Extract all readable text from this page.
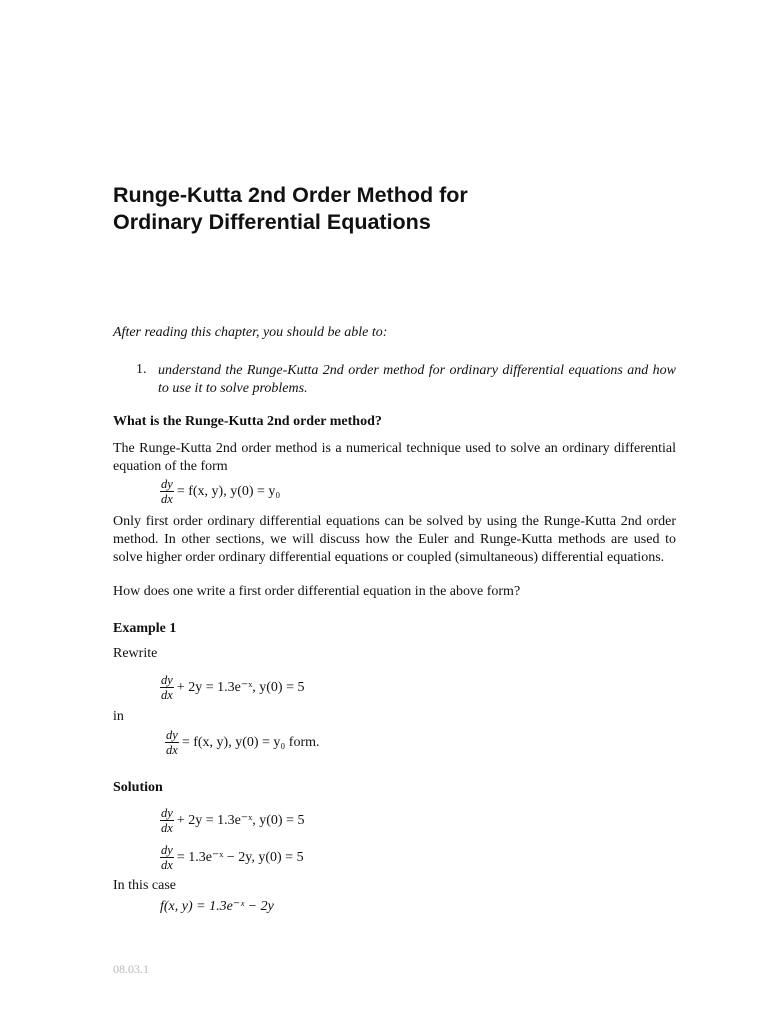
Runge-Kutta 2nd Order Method for
Ordinary Differential Equations
After reading this chapter, you should be able to:
1. understand the Runge-Kutta 2nd order method for ordinary differential equations and how to use it to solve problems.
What is the Runge-Kutta 2nd order method?
The Runge-Kutta 2nd order method is a numerical technique used to solve an ordinary differential equation of the form
$\frac{dy}{dx} = f(x$, y), y(0) = y₀
Only first order ordinary differential equations can be solved by using the Runge-Kutta 2nd order method. In other sections, we will discuss how the Euler and Runge-Kutta methods are used to solve higher order ordinary differential equations or coupled (simultaneous) differential equations.
How does one write a first order differential equation in the above form?
Example 1
Rewrite
$\frac{dy}{dx} + 2y$ = 1.3e⁻ˣ, y(0) = 5
in
$\frac{dy}{dx} = f(x$, y), y(0) = y₀ form.
Solution
$\frac{dy}{dx} + 2y$ = 1.3e⁻ˣ, y(0) = 5
$\frac{dy}{dx}$ = 1.3e⁻ˣ − 2y, y(0) = 5
In this case
f(x, y) = 1.3e⁻ˣ − 2y
08.03.1
